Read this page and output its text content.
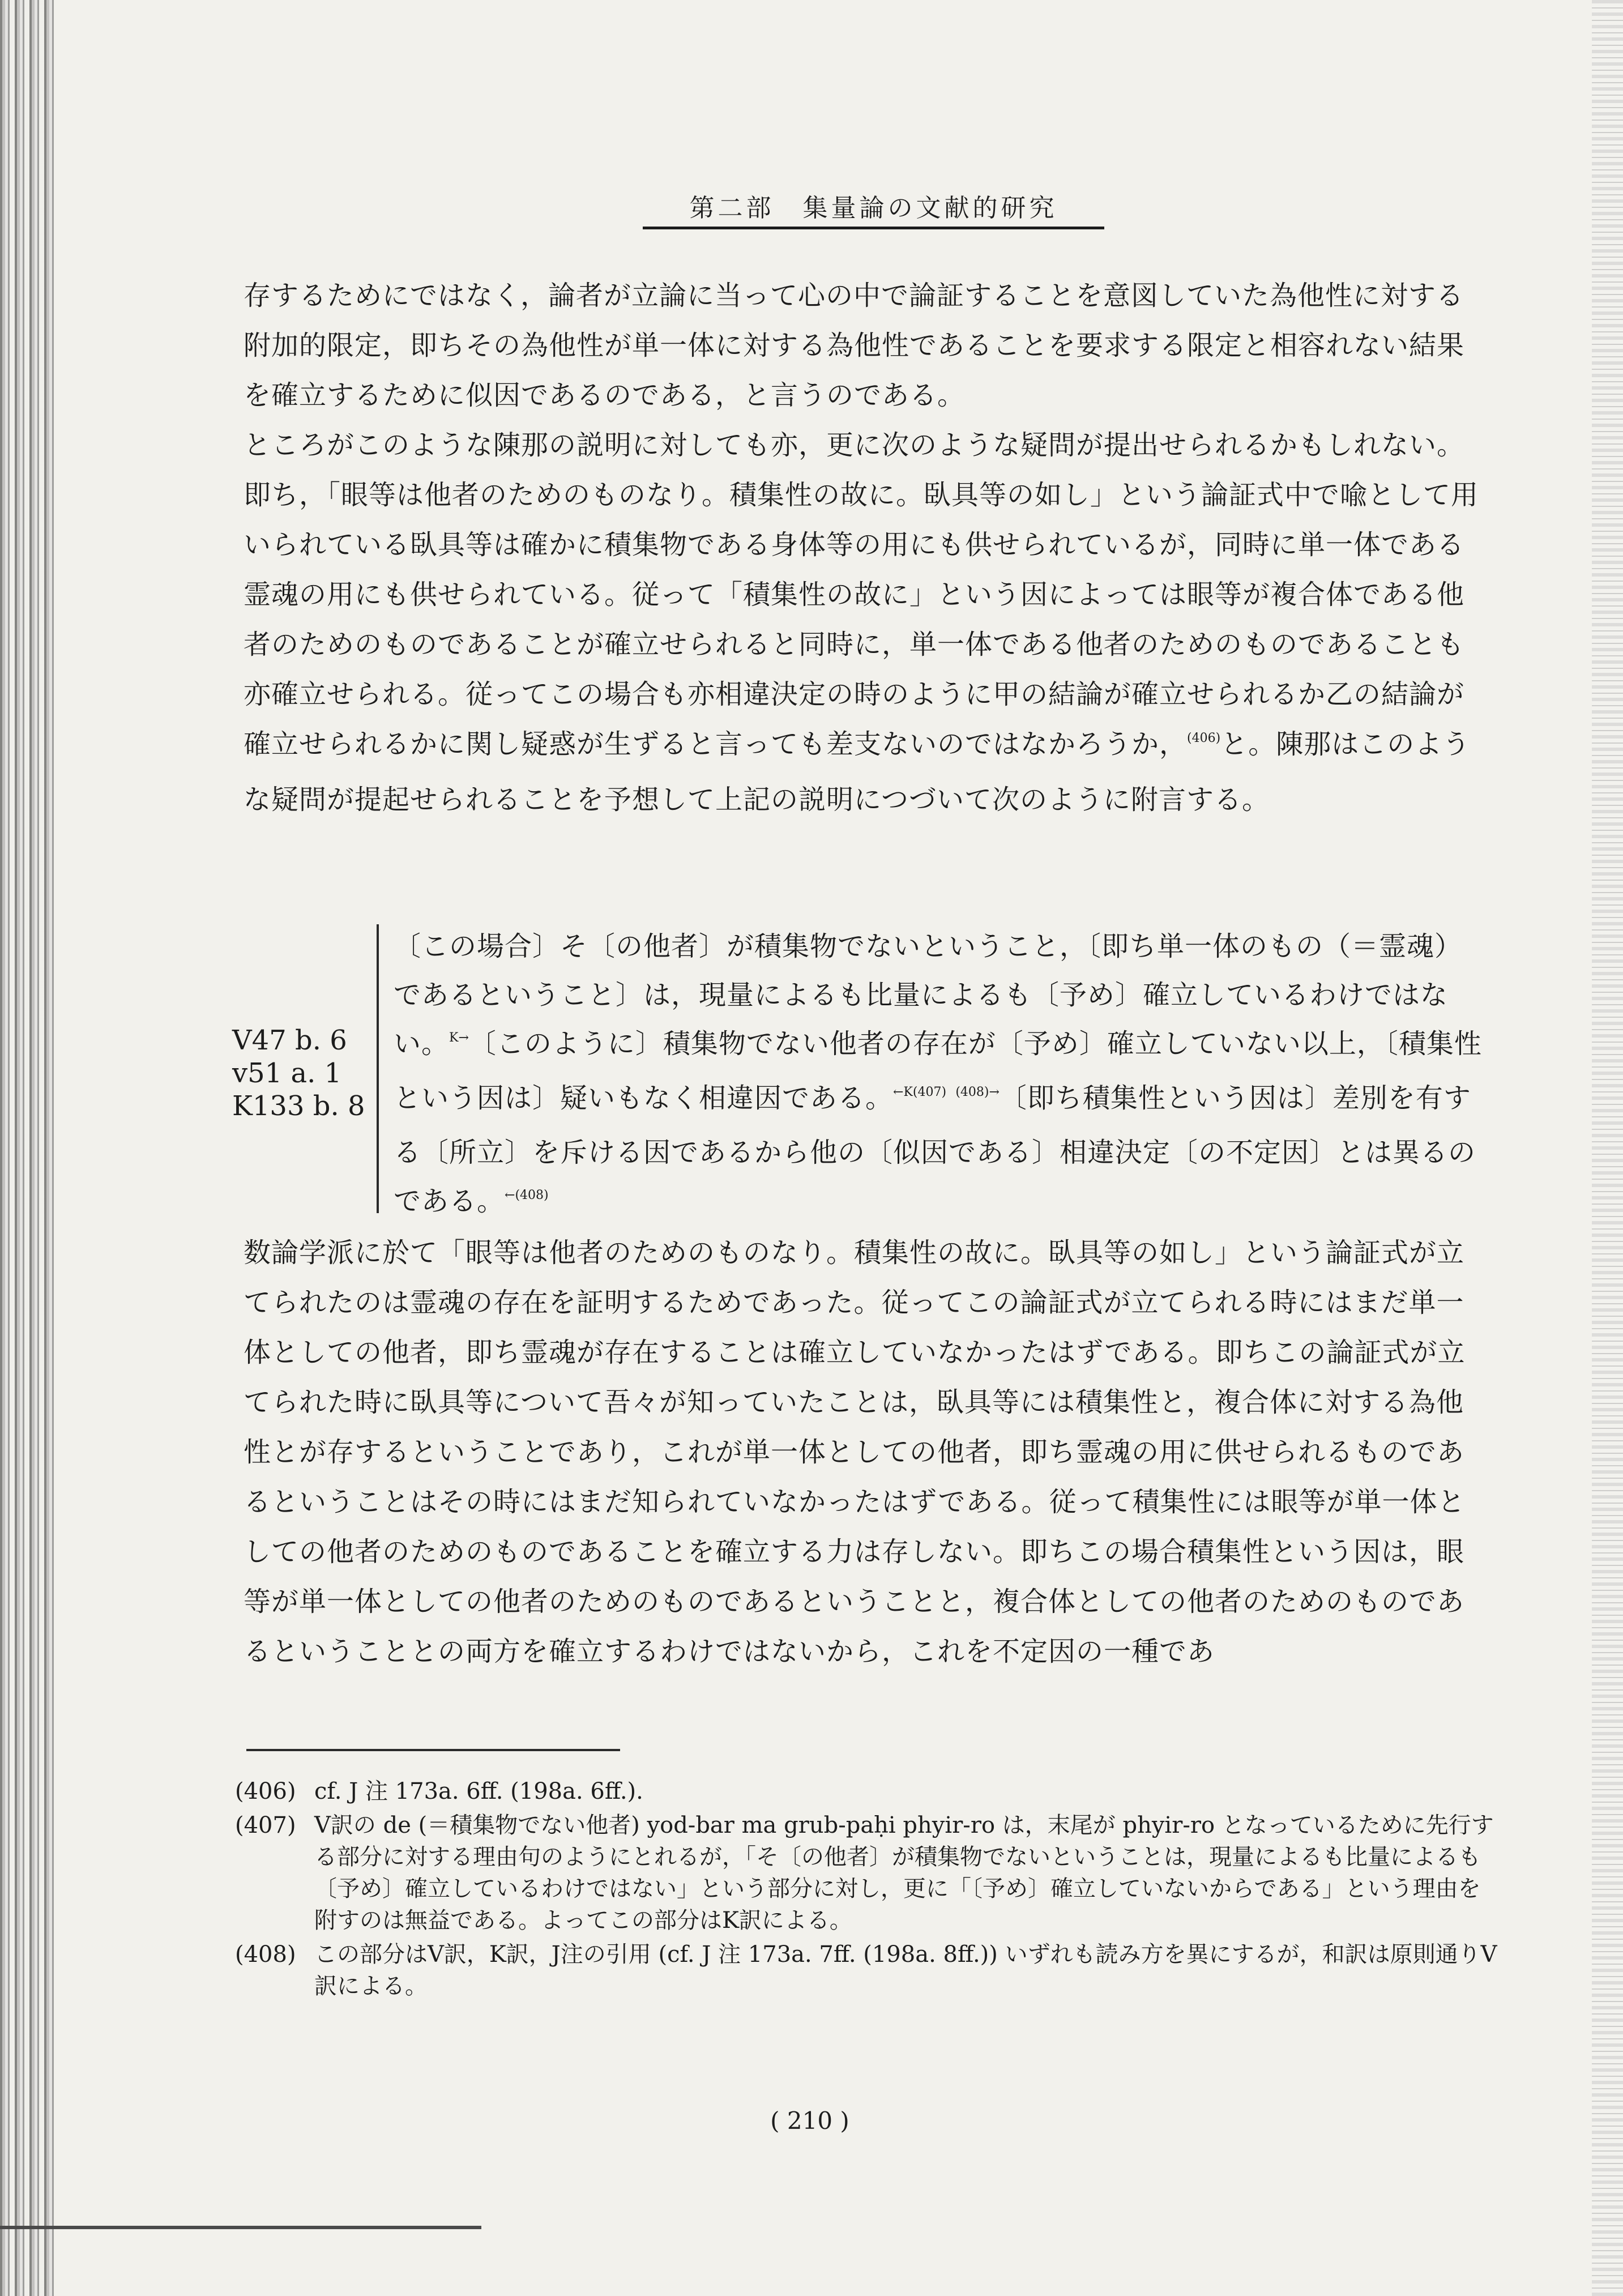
第二部　集量論の文献的研究

存するためにではなく，論者が立論に当って心の中で論証することを意図していた為他性に対する附加的限定，即ちその為他性が単一体に対する為他性であることを要求する限定と相容れない結果を確立するために似因であるのである，と言うのである。

ところがこのような陳那の説明に対しても亦，更に次のような疑問が提出せられるかもしれない。即ち，「眼等は他者のためのものなり。積集性の故に。臥具等の如し」という論証式中で喩として用いられている臥具等は確かに積集物である身体等の用にも供せられているが，同時に単一体である霊魂の用にも供せられている。従って「積集性の故に」という因によっては眼等が複合体である他者のためのものであることが確立せられると同時に，単一体である他者のためのものであることも亦確立せられる。従ってこの場合も亦相違決定の時のように甲の結論が確立せられるか乙の結論が確立せられるかに関し疑惑が生ずると言っても差支ないのではなかろうか，$^{(406)}$と。陳那はこのような疑問が提起せられることを予想して上記の説明につづいて次のように附言する。

V47 b. 6
v51 a. 1
K133 b. 8

〔この場合〕そ〔の他者〕が積集物でないということ，〔即ち単一体のもの（＝霊魂）であるということ〕は，現量によるも比量によるも〔予め〕確立しているわけではない。$^{K\to}$〔このように〕積集物でない他者の存在が〔予め〕確立していない以上，〔積集性という因は〕疑いもなく相違因である。$^{\leftarrow K(407)}$ $^{(408)\to}$〔即ち積集性という因は〕差別を有する〔所立〕を斥ける因であるから他の〔似因である〕相違決定〔の不定因〕とは異るのである。$^{\leftarrow(408)}$

数論学派に於て「眼等は他者のためのものなり。積集性の故に。臥具等の如し」という論証式が立てられたのは霊魂の存在を証明するためであった。従ってこの論証式が立てられる時にはまだ単一体としての他者，即ち霊魂が存在することは確立していなかったはずである。即ちこの論証式が立てられた時に臥具等について吾々が知っていたことは，臥具等には積集性と，複合体に対する為他性とが存するということであり，これが単一体としての他者，即ち霊魂の用に供せられるものであるということはその時にはまだ知られていなかったはずである。従って積集性には眼等が単一体としての他者のためのものであることを確立する力は存しない。即ちこの場合積集性という因は，眼等が単一体としての他者のためのものであるということと，複合体としての他者のためのものであるということとの両方を確立するわけではないから，これを不定因の一種であ

(406) cf. J 注 173a. 6ff. (198a. 6ff.).
(407) V訳の de (＝積集物でない他者) yod-bar ma grub-paḥi phyir-ro は，末尾が phyir-ro となっているために先行する部分に対する理由句のようにとれるが，「そ〔の他者〕が積集物でないということは，現量によるも比量によるも〔予め〕確立しているわけではない」という部分に対し，更に「〔予め〕確立していないからである」という理由を附すのは無益である。よってこの部分はK訳による。
(408) この部分はV訳，K訳，J注の引用 (cf. J 注 173a. 7ff. (198a. 8ff.)) いずれも読み方を異にするが，和訳は原則通りV訳による。
( 210 )
